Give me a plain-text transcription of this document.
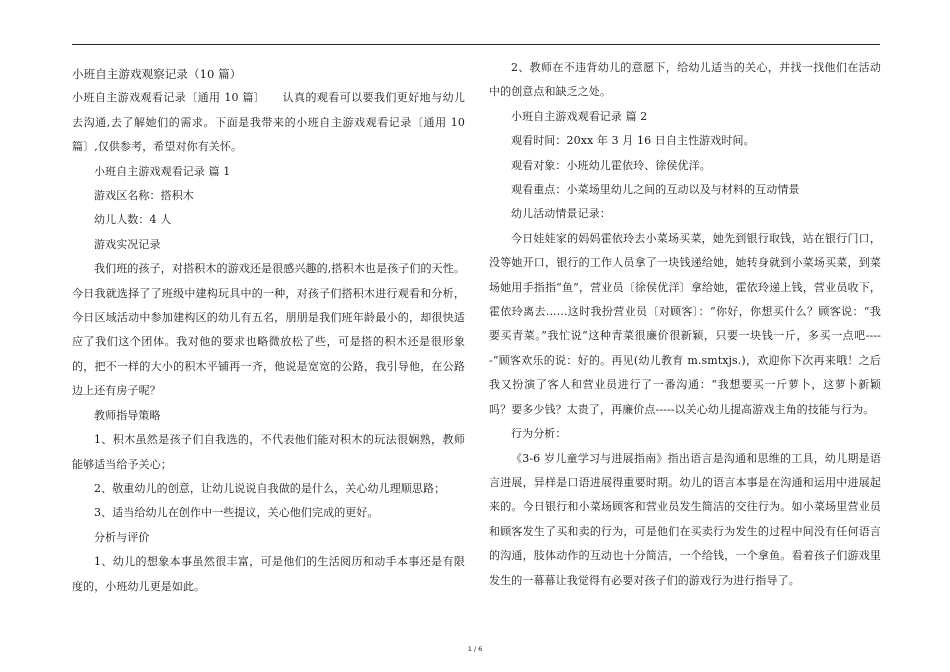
小班自主游戏观察记录（10 篇）

小班自主游戏观看记录〔通用 10 篇〕　　认真的观看可以要我们更好地与幼儿去沟通,去了解她们的需求。下面是我带来的小班自主游戏观看记录〔通用 10 篇〕,仅供参考，希望对你有关怀。

小班自主游戏观看记录 篇 1

游戏区名称：搭积木

幼儿人数：4 人

游戏实况记录

我们班的孩子，对搭积木的游戏还是很感兴趣的,搭积木也是孩子们的天性。今日我就选择了了班级中建构玩具中的一种，对孩子们搭积木进行观看和分析，今日区域活动中参加建构区的幼儿有五名，朋朋是我们班年龄最小的，却很快适应了我们这个团体。我对他的要求也略微放松了些，可是搭的积木还是很形象的，把不一样的大小的积木平铺再一齐，他说是宽宽的公路，我引导他，在公路边上还有房子呢？

教师指导策略

1、积木虽然是孩子们自我选的，不代表他们能对积木的玩法很娴熟，教师能够适当给予关心；

2、敬重幼儿的创意，让幼儿说说自我做的是什么，关心幼儿理顺思路；

3、适当给幼儿在创作中一些提议，关心他们完成的更好。

分析与评价

1、幼儿的想象本事虽然很丰富，可是他们的生活阅历和动手本事还是有限度的，小班幼儿更是如此。

2、教师在不违背幼儿的意愿下，给幼儿适当的关心，并找一找他们在活动中的创意点和缺乏之处。

小班自主游戏观看记录 篇 2

观看时间：20xx 年 3 月 16 日自主性游戏时间。

观看对象：小班幼儿霍依玲、徐侯优洋。

观看重点：小菜场里幼儿之间的互动以及与材料的互动情景

幼儿活动情景记录：

今日娃娃家的妈妈霍依玲去小菜场买菜，她先到银行取钱，站在银行门口，没等她开口，银行的工作人员拿了一块钱递给她，她转身就到小菜场买菜，到菜场她用手指指“鱼”，营业员〔徐侯优洋〕拿给她，霍依玲递上钱，营业员收下，霍依玲离去......这时我扮营业员〔对顾客〕：“你好，你想买什么？顾客说：“我要买青菜。”我忙说“这种青菜很廉价很新颖，只要一块钱一斤，多买一点吧-----”顾客欢乐的说：好的。再见(幼儿教育 m.smtxjs.)，欢迎你下次再来哦！之后我又扮演了客人和营业员进行了一番沟通：“我想要买一斤萝卜，这萝卜新颖吗？要多少钱？太贵了，再廉价点-----以关心幼儿提高游戏主角的技能与行为。

行为分析：

《3-6 岁儿童学习与进展指南》指出语言是沟通和思维的工具，幼儿期是语言进展，异样是口语进展得重要时期。幼儿的语言本事是在沟通和运用中进展起来的。今日银行和小菜场顾客和营业员发生简洁的交往行为。如小菜场里营业员和顾客发生了买和卖的行为，可是他们在买卖行为发生的过程中间没有任何语言的沟通，肢体动作的互动也十分简洁，一个给钱，一个拿鱼。看着孩子们游戏里发生的一幕幕让我觉得有必要对孩子们的游戏行为进行指导了。

1 / 6
